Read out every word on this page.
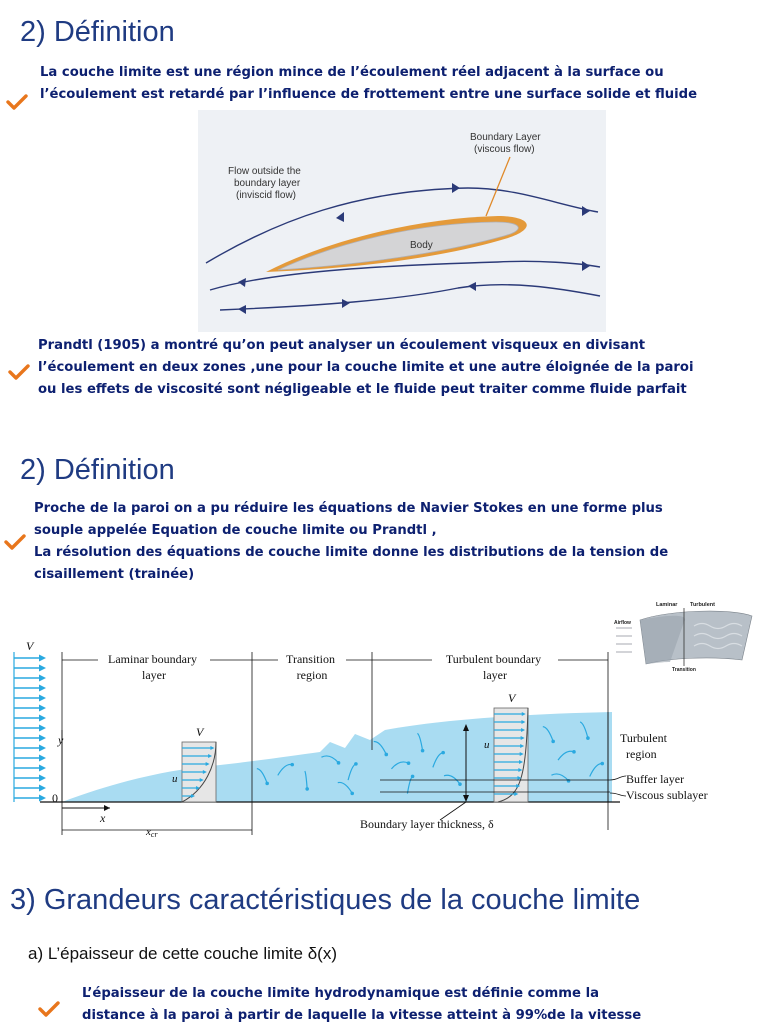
2) Définition
La couche limite est une région mince de l’écoulement réel adjacent à la surface ou
l’écoulement est retardé par l’influence de frottement entre une surface solide et fluide
Flow outside the boundary layer (inviscid flow)
Boundary Layer (viscous flow)
Body
Prandtl (1905) a montré qu’on peut analyser un écoulement visqueux en divisant
l’écoulement en deux zones ,une pour la couche limite et une autre éloignée de la paroi
ou les effets de viscosité sont négligeable et le fluide peut traiter comme fluide parfait
2) Définition
Proche de la paroi on a pu réduire les équations de Navier Stokes en une forme plus
souple appelée Equation de couche limite ou Prandtl ,
La résolution des équations de couche limite donne les distributions de la tension de
cisaillement (trainée)
V
y
0
x
xcr
Laminar boundary layer
Transition region
Turbulent boundary layer
V
u
V
u
Boundary layer thickness, δ
Turbulent region
Buffer layer
Viscous sublayer
Laminar Turbulent
Airflow
Transition
3) Grandeurs caractéristiques de la couche limite
a) L’épaisseur de cette couche limite δ(x)
L’épaisseur de la couche limite hydrodynamique est définie comme la
distance à la paroi à partir de laquelle la vitesse atteint à 99%de la vitesse
